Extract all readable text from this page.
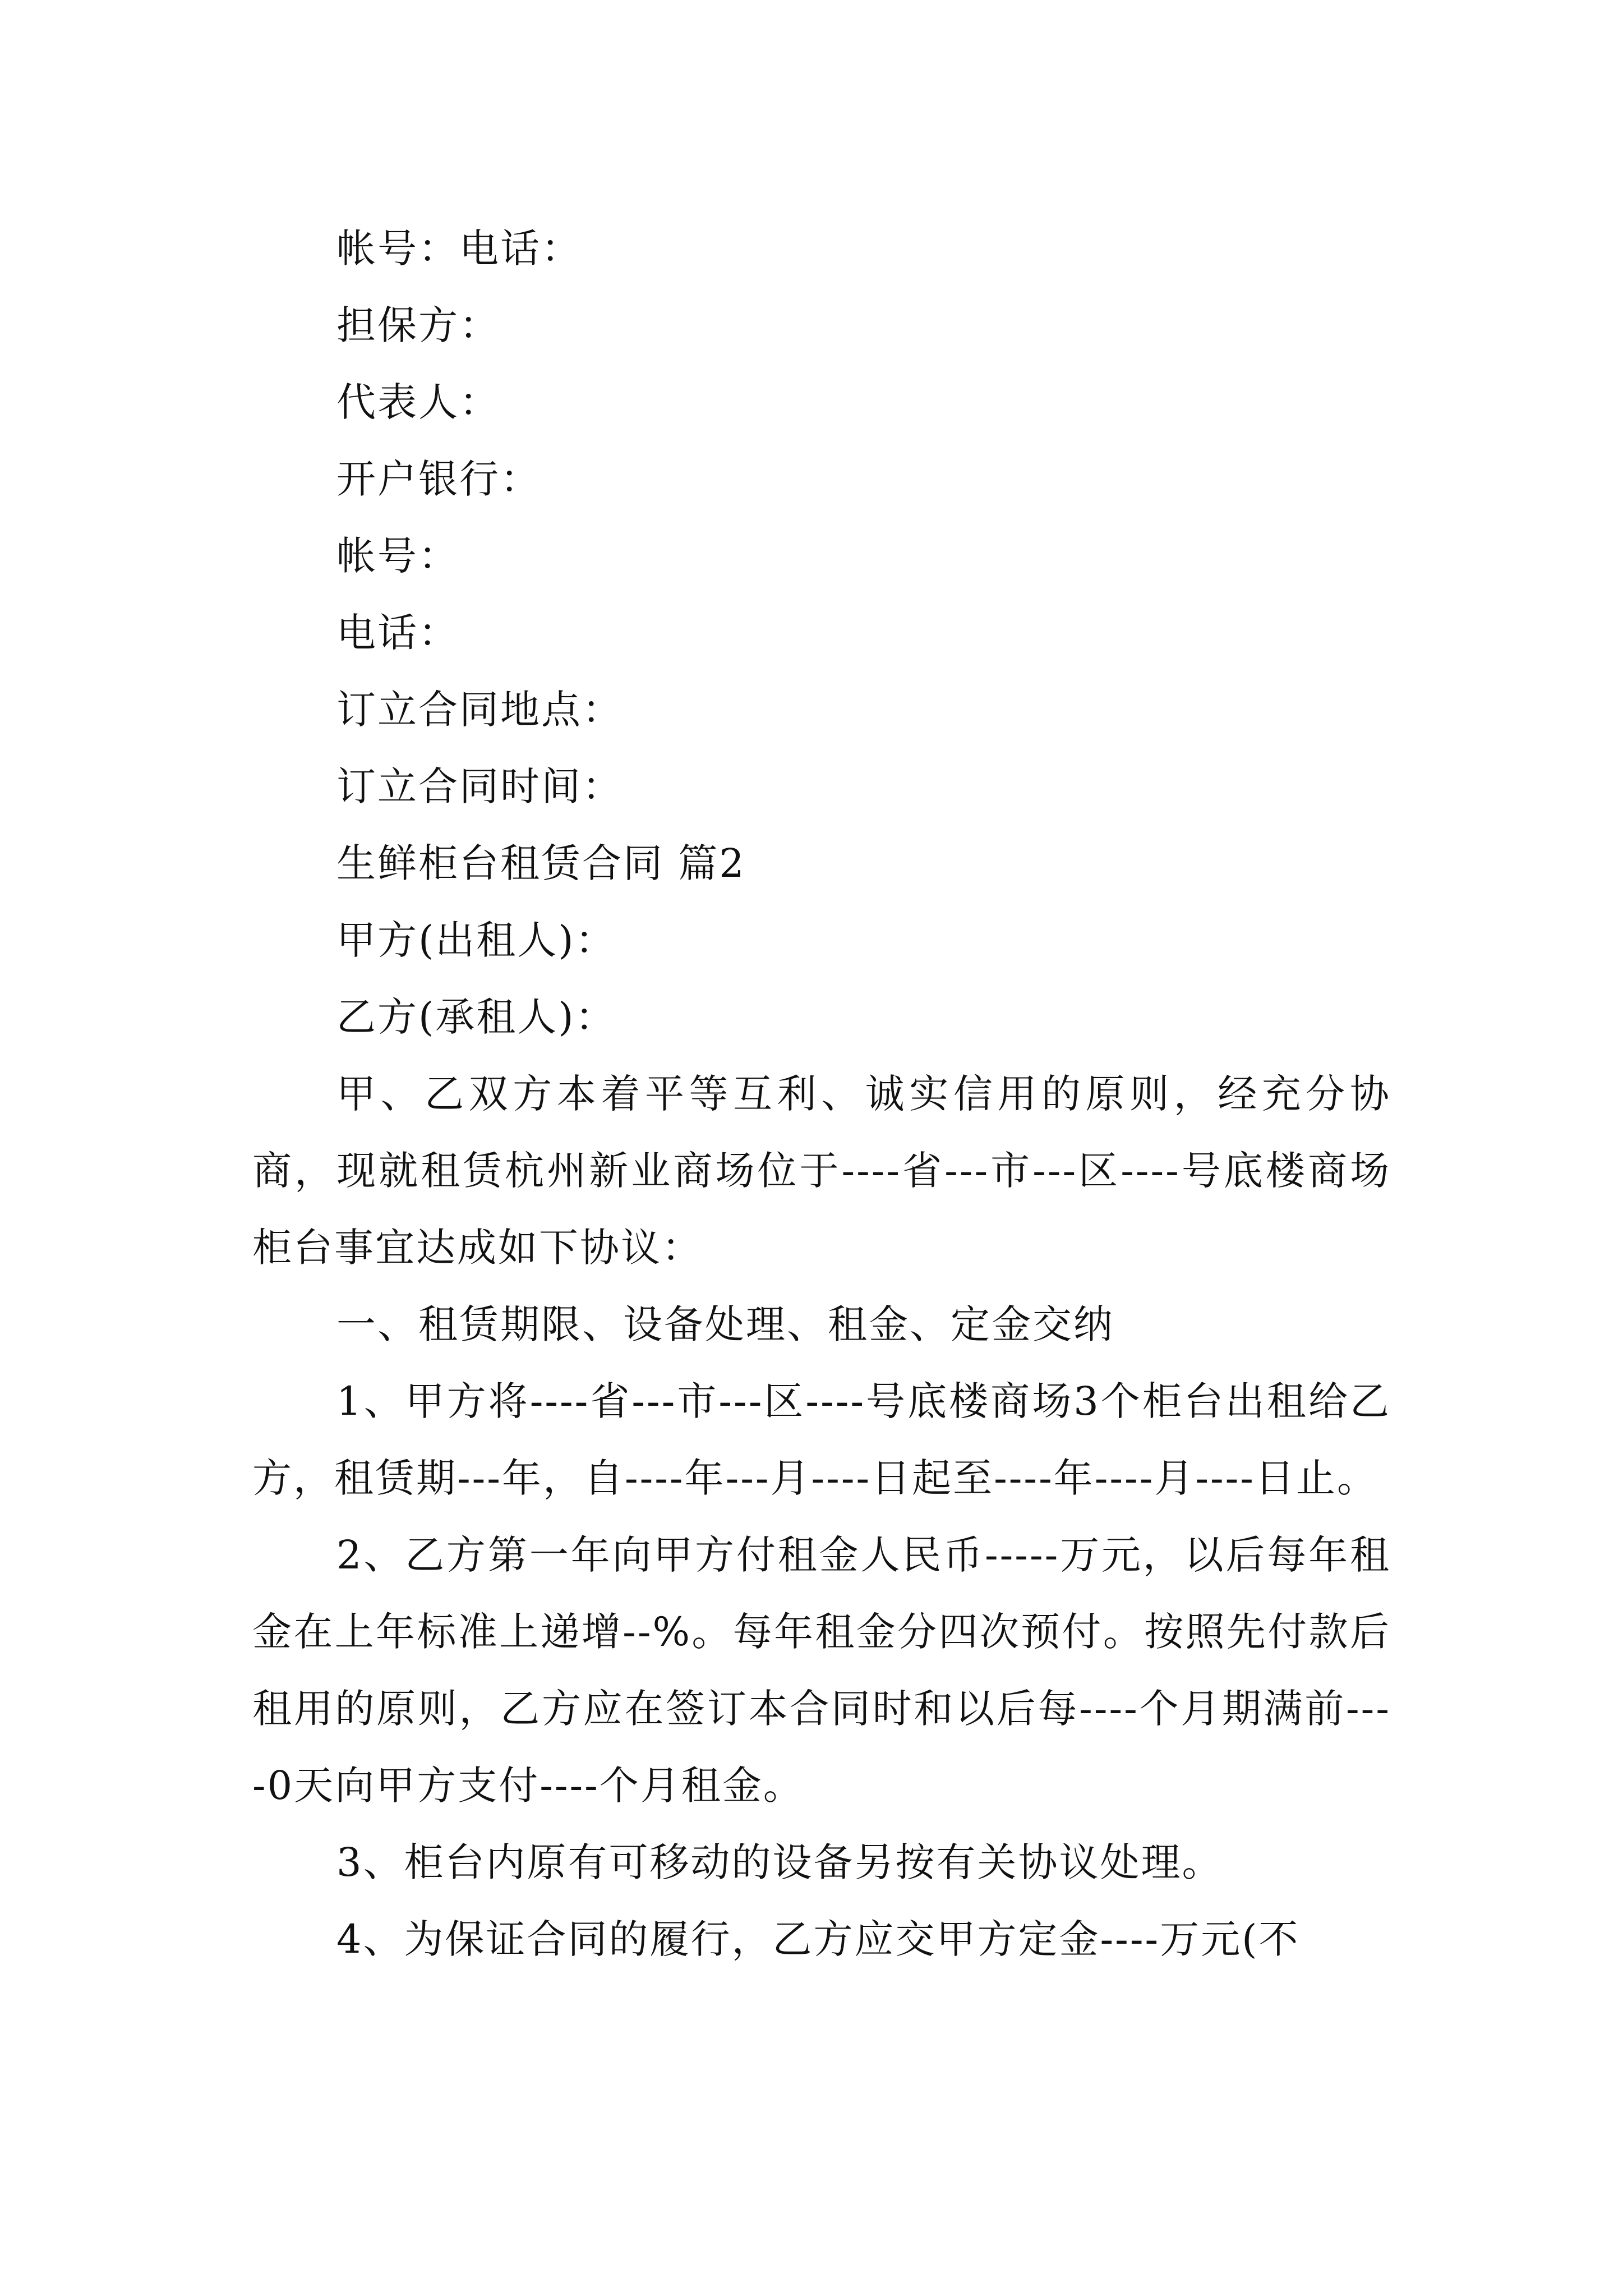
帐号：电话：

担保方：

代表人：

开户银行：

帐号：

电话：

订立合同地点：

订立合同时间：

生鲜柜台租赁合同 篇2

甲方(出租人)：

乙方(承租人)：

甲、乙双方本着平等互利、诚实信用的原则，经充分协商，现就租赁杭州新业商场位于----省---市---区----号底楼商场柜台事宜达成如下协议：

一、租赁期限、设备处理、租金、定金交纳

1、甲方将----省---市---区----号底楼商场3个柜台出租给乙方，租赁期---年，自----年---月----日起至----年----月----日止。

2、乙方第一年向甲方付租金人民币-----万元，以后每年租金在上年标准上递增--%。每年租金分四次预付。按照先付款后租用的原则，乙方应在签订本合同时和以后每----个月期满前----0天向甲方支付----个月租金。

3、柜台内原有可移动的设备另按有关协议处理。

4、为保证合同的履行，乙方应交甲方定金----万元(不
